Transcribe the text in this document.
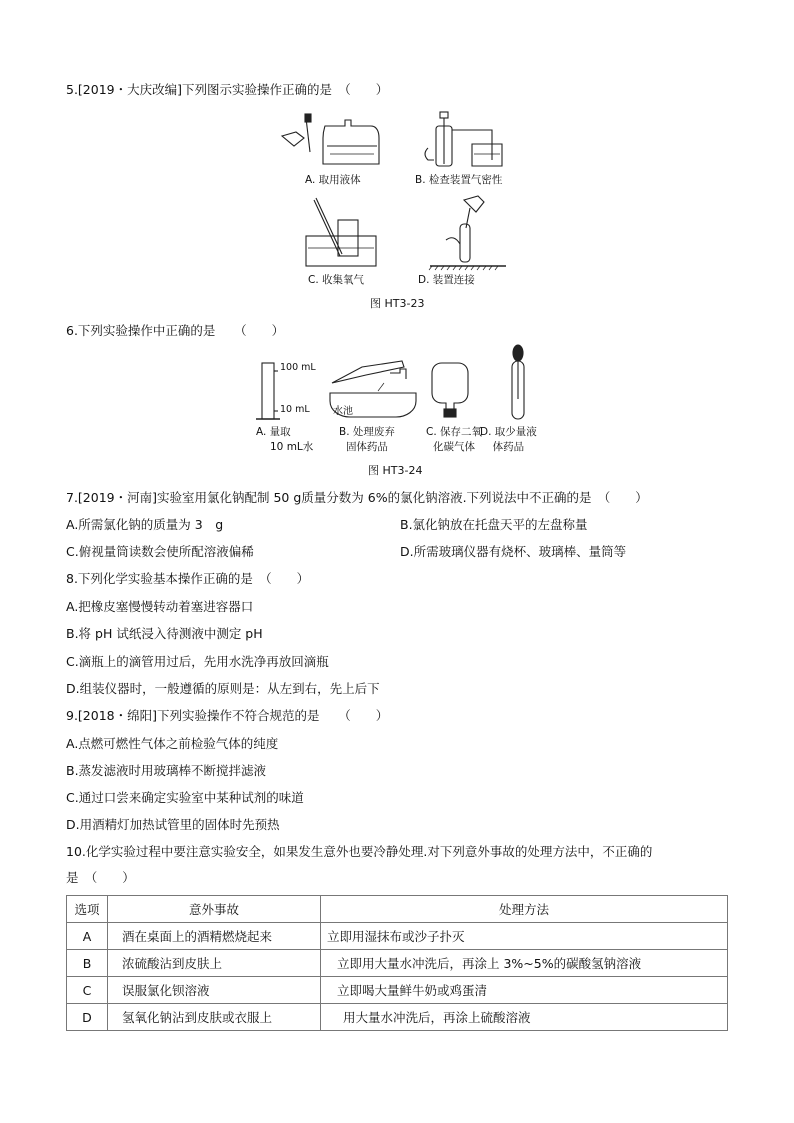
5.[2019・大庆改编]下列图示实验操作正确的是　（　　）
A. 取用液体	B. 检查装置气密性
C. 收集氧气	D. 装置连接
图 HT3-23
6.下列实验操作中正确的是　　（　　）
100 mL
10 mL 水池
A. 量取
10 mL水
B. 处理废弃
固体药品
C. 保存二氧
化碳气体
D. 取少量液
体药品
图 HT3-24
7.[2019・河南]实验室用氯化钠配制 50 g质量分数为 6%的氯化钠溶液.下列说法中不正确的是　（　　）
A.所需氯化钠的质量为 3　g	B.氯化钠放在托盘天平的左盘称量
C.俯视量筒读数会使所配溶液偏稀	D.所需玻璃仪器有烧杯、玻璃棒、量筒等
8.下列化学实验基本操作正确的是　（　　）
A.把橡皮塞慢慢转动着塞进容器口
B.将 pH 试纸浸入待测液中测定 pH
C.滴瓶上的滴管用过后，先用水洗净再放回滴瓶
D.组装仪器时，一般遵循的原则是：从左到右，先上后下
9.[2018・绵阳]下列实验操作不符合规范的是　　（　　）
A.点燃可燃性气体之前检验气体的纯度
B.蒸发滤液时用玻璃棒不断搅拌滤液
C.通过口尝来确定实验室中某种试剂的味道
D.用酒精灯加热试管里的固体时先预热
10.化学实验过程中要注意实验安全，如果发生意外也要冷静处理.对下列意外事故的处理方法中，不正确的
是　（　　）
选项	意外事故	处理方法
A	酒在桌面上的酒精燃烧起来	立即用湿抹布或沙子扑灭
B	浓硫酸沾到皮肤上	立即用大量水冲洗后，再涂上 3%~5%的碳酸氢钠溶液
C	误服氯化钡溶液	立即喝大量鲜牛奶或鸡蛋清
D	氢氧化钠沾到皮肤或衣服上	用大量水冲洗后，再涂上硫酸溶液
